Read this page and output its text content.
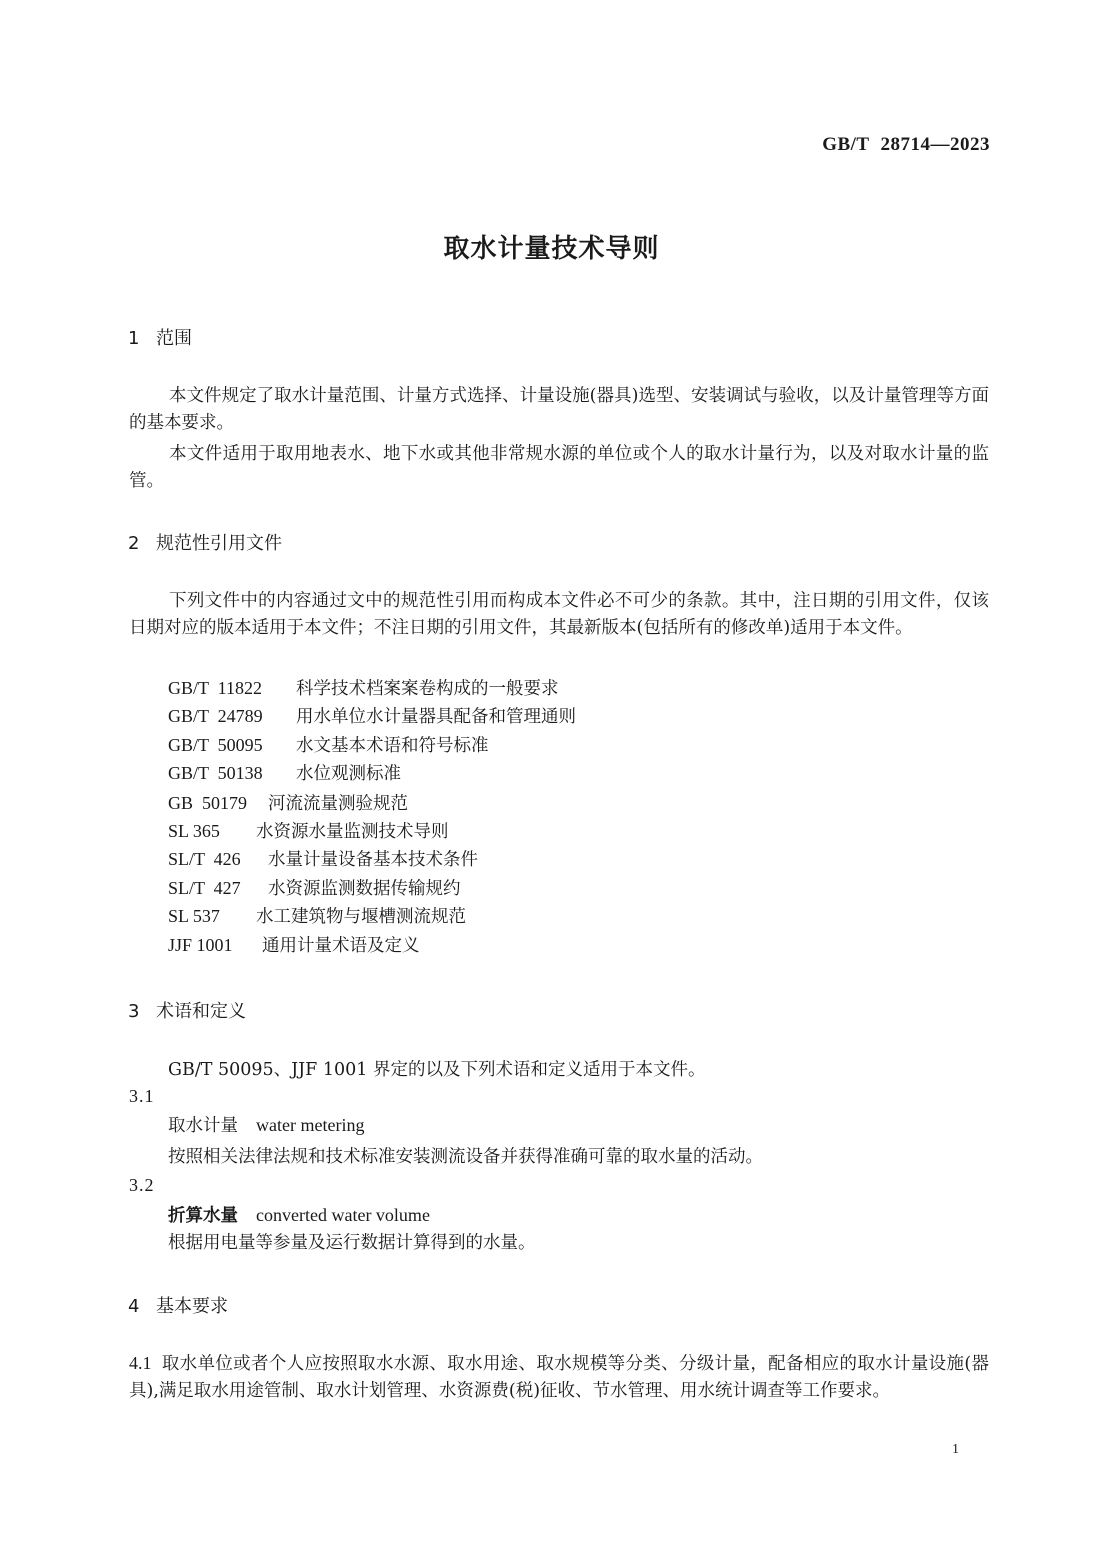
GB/T 28714—2023
取水计量技术导则
1 范围
本文件规定了取水计量范围、计量方式选择、计量设施(器具)选型、安装调试与验收，以及计量管理等方面的基本要求。
本文件适用于取用地表水、地下水或其他非常规水源的单位或个人的取水计量行为，以及对取水计量的监管。
2 规范性引用文件
下列文件中的内容通过文中的规范性引用而构成本文件必不可少的条款。其中，注日期的引用文件，仅该日期对应的版本适用于本文件；不注日期的引用文件，其最新版本(包括所有的修改单)适用于本文件。
GB/T  11822 科学技术档案案卷构成的一般要求
GB/T  24789 用水单位水计量器具配备和管理通则
GB/T  50095 水文基本术语和符号标准
GB/T  50138 水位观测标准
GB  50179 河流流量测验规范
SL 365 水资源水量监测技术导则
SL/T  426 水量计量设备基本技术条件
SL/T  427 水资源监测数据传输规约
SL 537 水工建筑物与堰槽测流规范
JJF 1001 通用计量术语及定义
3 术语和定义
GB/T 50095、JJF 1001 界定的以及下列术语和定义适用于本文件。
3.1
取水计量 water metering
按照相关法律法规和技术标准安装测流设备并获得准确可靠的取水量的活动。
3.2
折算水量 converted water volume
根据用电量等参量及运行数据计算得到的水量。
4 基本要求
4.1 取水单位或者个人应按照取水水源、取水用途、取水规模等分类、分级计量，配备相应的取水计量设施(器具),满足取水用途管制、取水计划管理、水资源费(税)征收、节水管理、用水统计调查等工作要求。
1
